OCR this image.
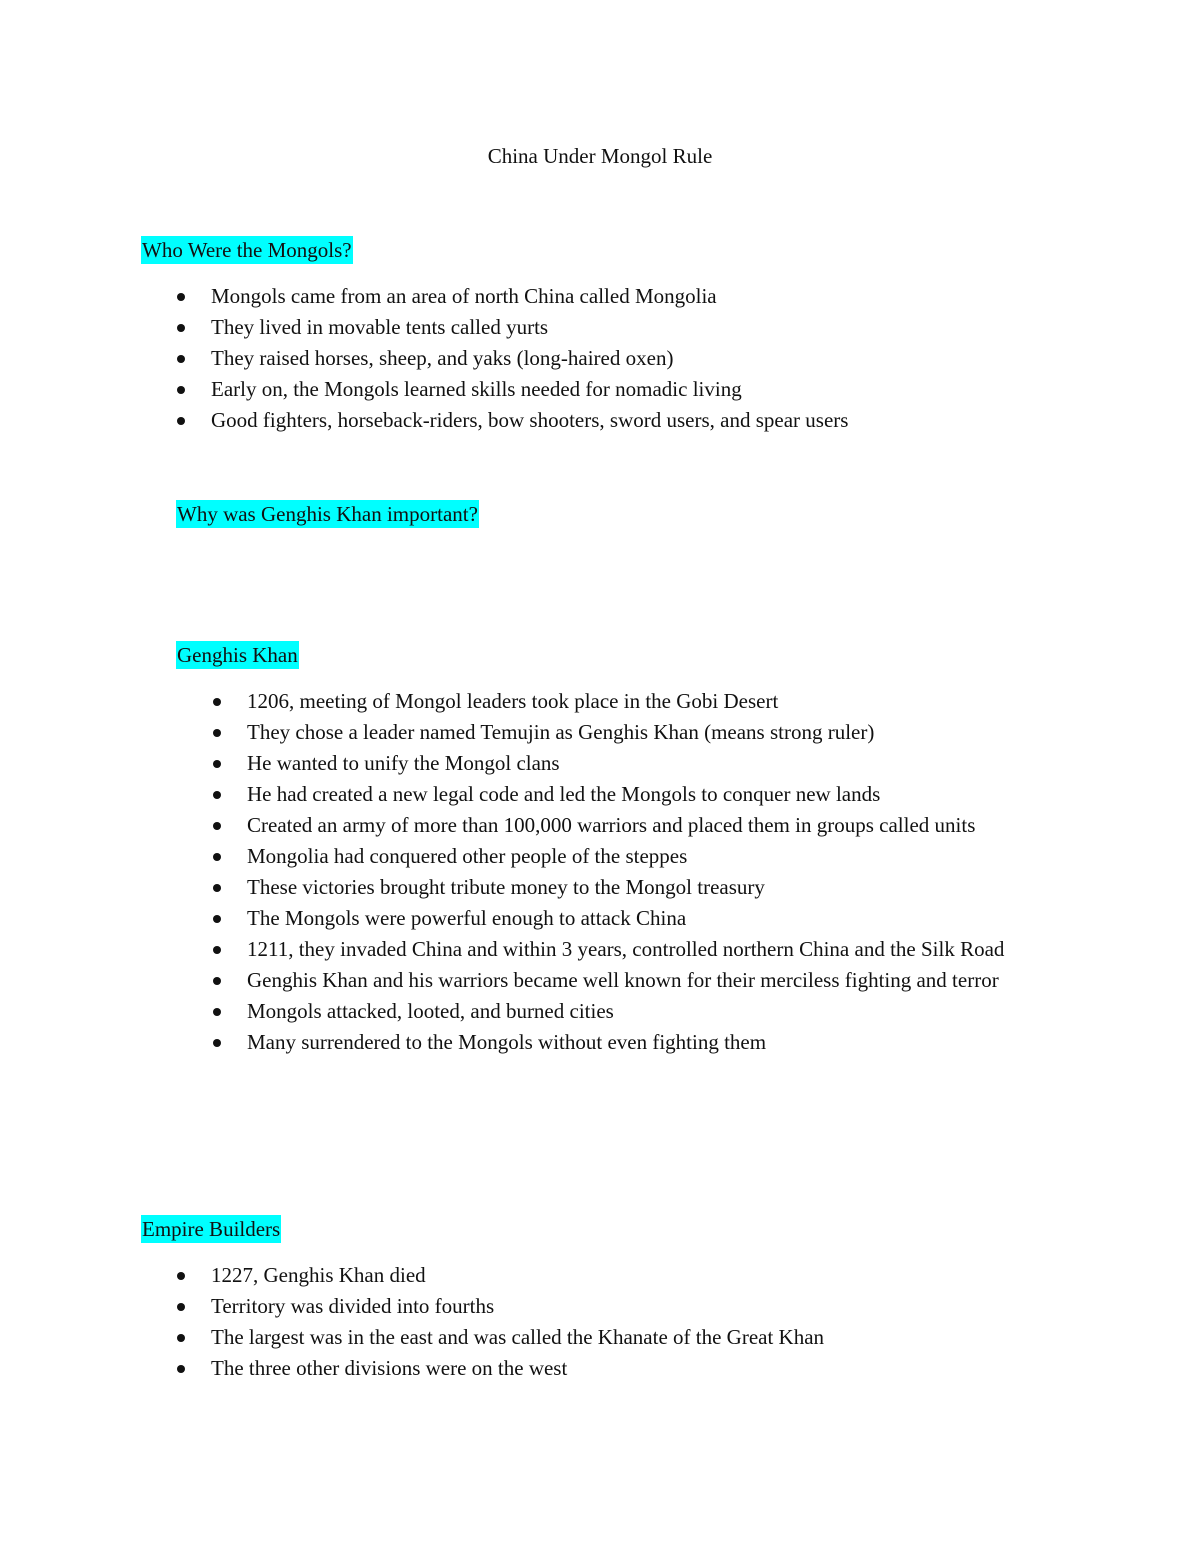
China Under Mongol Rule
Who Were the Mongols?
Mongols came from an area of north China called Mongolia
They lived in movable tents called yurts
They raised horses, sheep, and yaks (long-haired oxen)
Early on, the Mongols learned skills needed for nomadic living
Good fighters, horseback-riders, bow shooters, sword users, and spear users
Why was Genghis Khan important?
Genghis Khan
1206, meeting of Mongol leaders took place in the Gobi Desert
They chose a leader named Temujin as Genghis Khan (means strong ruler)
He wanted to unify the Mongol clans
He had created a new legal code and led the Mongols to conquer new lands
Created an army of more than 100,000 warriors and placed them in groups called units
Mongolia had conquered other people of the steppes
These victories brought tribute money to the Mongol treasury
The Mongols were powerful enough to attack China
1211, they invaded China and within 3 years, controlled northern China and the Silk Road
Genghis Khan and his warriors became well known for their merciless fighting and terror
Mongols attacked, looted, and burned cities
Many surrendered to the Mongols without even fighting them
Empire Builders
1227, Genghis Khan died
Territory was divided into fourths
The largest was in the east and was called the Khanate of the Great Khan
The three other divisions were on the west
